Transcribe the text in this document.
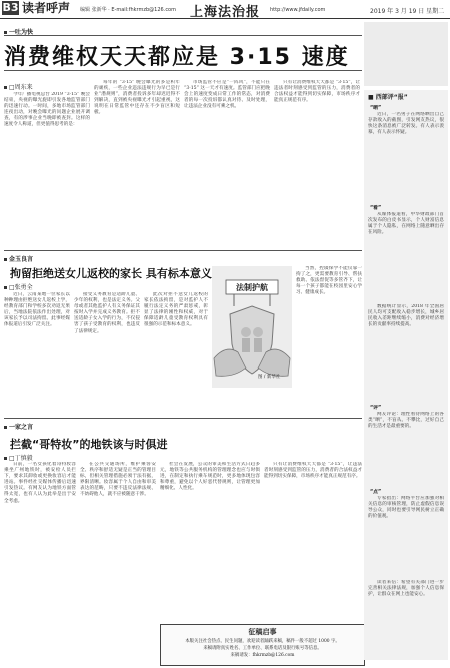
B3 读者呼声 编辑 张新华 · E-mail:fhkrmzb@126.com 上海法治报 http://www.jfdaily.com	2019 年 3 月 19 日 星期二
一吐为快
消费维权天天都应是 3·15 速度
□周东来

今年广播电视总台 2019 “3·15” 晚会结束，央视的曝光旋即引发各地监管部门的迅速行动。一时间，多地市场监管部门连夜出动，对晚会曝光的问题企业展开调查，有的涉事企业当晚即被查封。这样的速度令人称道，但更值得思考的是：

每年的 “3·15” 晚会曝光的多是积年的顽疾，一些企业违法违规行为早已是行业“潜规则”，消费者投诉多年却迟迟得不到解决，直到被央视曝光才引起重视，这说明在日常监管中还存在不少盲区和短板。

市场监管不应是“一阵风”，不能只在 “3·15” 这一天才有速度。监管部门应把晚会上的速度变成日常工作的常态，对消费者的每一次投诉都认真对待、及时处理，让违法企业没有可乘之机。

只有让消费维权天天都是 “3·15”，让违法者时刻感受到监管的压力，消费者的合法权益才能得到切实保障，市场秩序才能真正规范有序。

金玉良言
拘留拒绝送女儿返校的家长 具有标本意义
□张勇全

近日，云南某地一位家长以种种理由拒绝送女儿返校上学，经教育部门和学校多次劝返无果后，当地法院依法作出处理，对该家长予以司法拘留。此事经媒体报道后引发广泛关注。

接受义务教育是适龄儿童、少年的权利，也是法定义务。父母或者其他监护人有义务保证其按时入学并完成义务教育。拒不送适龄子女入学的行为，不仅侵害了孩子受教育的权利，也违反了法律规定。

此次对拒不送女儿返校的家长依法拘留，是对监护人不履行法定义务的严肃惩戒，彰显了法律的刚性和权威，对于保障适龄儿童受教育权利具有很强的示范和标本意义。

法制护航
图 / 新华社

当然，控辍保学不能仅靠一拘了之，更需要教育引导、帮扶救助、依法督促等多管齐下，让每一个孩子都能在校园里安心学习、健康成长。

一家之言
拦截“哥特妆”的地铁该与时俱进
□丁慎毅

日前，一名女孩化着哥特妆容乘坐广州地铁时，被安检人员拦下，要求其卸妆或更换妆容后才能进站。事件经社交媒体传播后迅速引发热议。有网友认为地铁方面管得太宽，也有人认为此举是出于安全考虑。

在公共交通场所，维护乘客安全、秩序和舒适无疑是正当的管理目标，但相关管理措施必须于法有据，界限清晰。妆容属于个人自由和审美表达的范畴，只要不违反法律法规、不妨碍他人，就不应被随意干涉。

社会在发展，公众的审美和生活方式日趋多元，地铁等公共服务机构的管理理念也应与时俱进，在制定和执行乘车规范时，更多地体现包容和尊重，避免以个人好恶代替规则，让管理更加精细化、人性化。

只有让消费维权天天都是 “3·15”，让违法者时刻感受到监管的压力，消费者的合法权益才能得到切实保障，市场秩序才能真正规范有序。

征稿启事
本版关注社会热点、民生问题，欢迎读者踊跃来稿，稿件一般不超过 1000 字。
来稿请附真实姓名、工作单位、联系电话及银行账号等信息。
来稿请发：fhkrmzb@126.com
■ 西部评“报”
“晒”

近日，一名男子在网络晒出自己存款收入的截图，引发网友热议，很快这条消息被广泛转发。有人表示羡慕，有人表示怀疑。

“看”

从媒体报道看，中华财政部门首次发布的白皮书显示，个人财富信息属于个人隐私，在网络上随意晒出存在风险。

数据统计显示，2018 年全国居民人均可支配收入稳步增长，城乡居民收入差距继续缩小，消费对经济增长的贡献率持续提高。

“评”

网友评论：理性看待网络上的各类“晒”，不盲从、不攀比，过好自己的生活才是最重要的。

“点”

专家指出：网络平台应加强对相关信息的审核管理，防止虚假信息误导公众，同时也要引导网民树立正确的价值观。

读者来信：希望有关部门进一步完善相关法律法规，加强个人信息保护，让群众在网上也能安心。
